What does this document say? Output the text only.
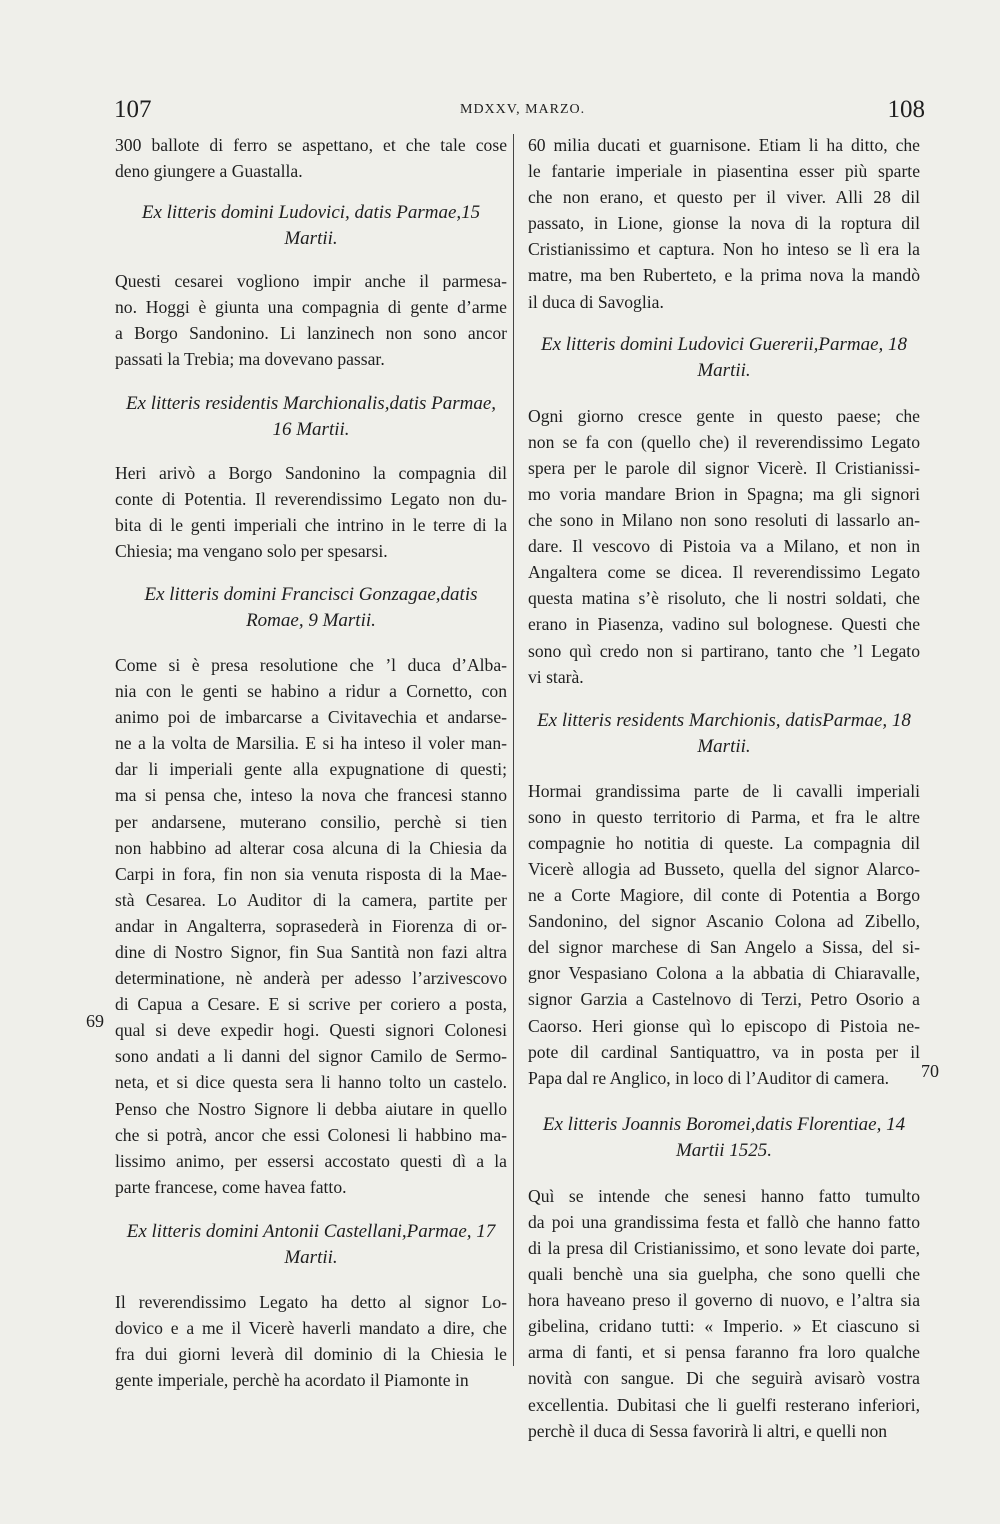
107	MDXXV, MARZO.	108
69
70
300 ballote di ferro se aspettano, et che tale cose
deno giungere a Guastalla.
Ex litteris domini Ludovici, datis Parmae,15 Martii.
Questi cesarei vogliono impir anche il parmesa-
no. Hoggi è giunta una compagnia di gente d’arme
a Borgo Sandonino. Li lanzinech non sono ancor
passati la Trebia; ma dovevano passar.
Ex litteris residentis Marchionalis,datis Parmae, 16 Martii.
Heri arivò a Borgo Sandonino la compagnia dil
conte di Potentia. Il reverendissimo Legato non du-
bita di le genti imperiali che intrino in le terre di la
Chiesia; ma vengano solo per spesarsi.
Ex litteris domini Francisci Gonzagae,datis Romae, 9 Martii.
Come si è presa resolutione che ’l duca d’Alba-
nia con le genti se habino a ridur a Cornetto, con
animo poi de imbarcarse a Civitavechia et andarse-
ne a la volta de Marsilia. E si ha inteso il voler man-
dar li imperiali gente alla expugnatione di questi;
ma si pensa che, inteso la nova che francesi stanno
per andarsene, muterano consilio, perchè si tien
non habbino ad alterar cosa alcuna di la Chiesia da
Carpi in fora, fin non sia venuta risposta di la Mae-
stà Cesarea. Lo Auditor di la camera, partite per
andar in Angalterra, soprasederà in Fiorenza di or-
dine di Nostro Signor, fin Sua Santità non fazi altra
determinatione, nè anderà per adesso l’arzivescovo
di Capua a Cesare. E si scrive per coriero a posta,
qual si deve expedir hogi. Questi signori Colonesi
sono andati a li danni del signor Camilo de Sermo-
neta, et si dice questa sera li hanno tolto un castelo.
Penso che Nostro Signore li debba aiutare in quello
che si potrà, ancor che essi Colonesi li habbino ma-
lissimo animo, per essersi accostato questi dì a la
parte francese, come havea fatto.
Ex litteris domini Antonii Castellani,Parmae, 17 Martii.
Il reverendissimo Legato ha detto al signor Lo-
dovico e a me il Vicerè haverli mandato a dire, che
fra dui giorni leverà dil dominio di la Chiesia le
gente imperiale, perchè ha acordato il Piamonte in
60 milia ducati et guarnisone. Etiam li ha ditto, che
le fantarie imperiale in piasentina esser più sparte
che non erano, et questo per il viver. Alli 28 dil
passato, in Lione, gionse la nova di la roptura dil
Cristianissimo et captura. Non ho inteso se lì era la
matre, ma ben Ruberteto, e la prima nova la mandò
il duca di Savoglia.
Ex litteris domini Ludovici Guererii,Parmae, 18 Martii.
Ogni giorno cresce gente in questo paese; che
non se fa con (quello che) il reverendissimo Legato
spera per le parole dil signor Vicerè. Il Cristianissi-
mo voria mandare Brion in Spagna; ma gli signori
che sono in Milano non sono resoluti di lassarlo an-
dare. Il vescovo di Pistoia va a Milano, et non in
Angaltera come se dicea. Il reverendissimo Legato
questa matina s’è risoluto, che li nostri soldati, che
erano in Piasenza, vadino sul bolognese. Questi che
sono quì credo non si partirano, tanto che ’l Legato
vi starà.
Ex litteris residents Marchionis, datisParmae, 18 Martii.
Hormai grandissima parte de li cavalli imperiali
sono in questo territorio di Parma, et fra le altre
compagnie ho notitia di queste. La compagnia dil
Vicerè allogia ad Busseto, quella del signor Alarco-
ne a Corte Magiore, dil conte di Potentia a Borgo
Sandonino, del signor Ascanio Colona ad Zibello,
del signor marchese di San Angelo a Sissa, del si-
gnor Vespasiano Colona a la abbatia di Chiaravalle,
signor Garzia a Castelnovo di Terzi, Petro Osorio a
Caorso. Heri gionse quì lo episcopo di Pistoia ne-
pote dil cardinal Santiquattro, va in posta per il
Papa dal re Anglico, in loco di l’Auditor di camera.
Ex litteris Joannis Boromei,datis Florentiae, 14 Martii 1525.
Quì se intende che senesi hanno fatto tumulto
da poi una grandissima festa et fallò che hanno fatto
di la presa dil Cristianissimo, et sono levate doi parte,
quali benchè una sia guelpha, che sono quelli che
hora haveano preso il governo di nuovo, e l’altra sia
gibelina, cridano tutti: « Imperio. » Et ciascuno si
arma di fanti, et si pensa faranno fra loro qualche
novità con sangue. Di che seguirà avisarò vostra
excellentia. Dubitasi che li guelfi resterano inferiori,
perchè il duca di Sessa favorirà li altri, e quelli non
